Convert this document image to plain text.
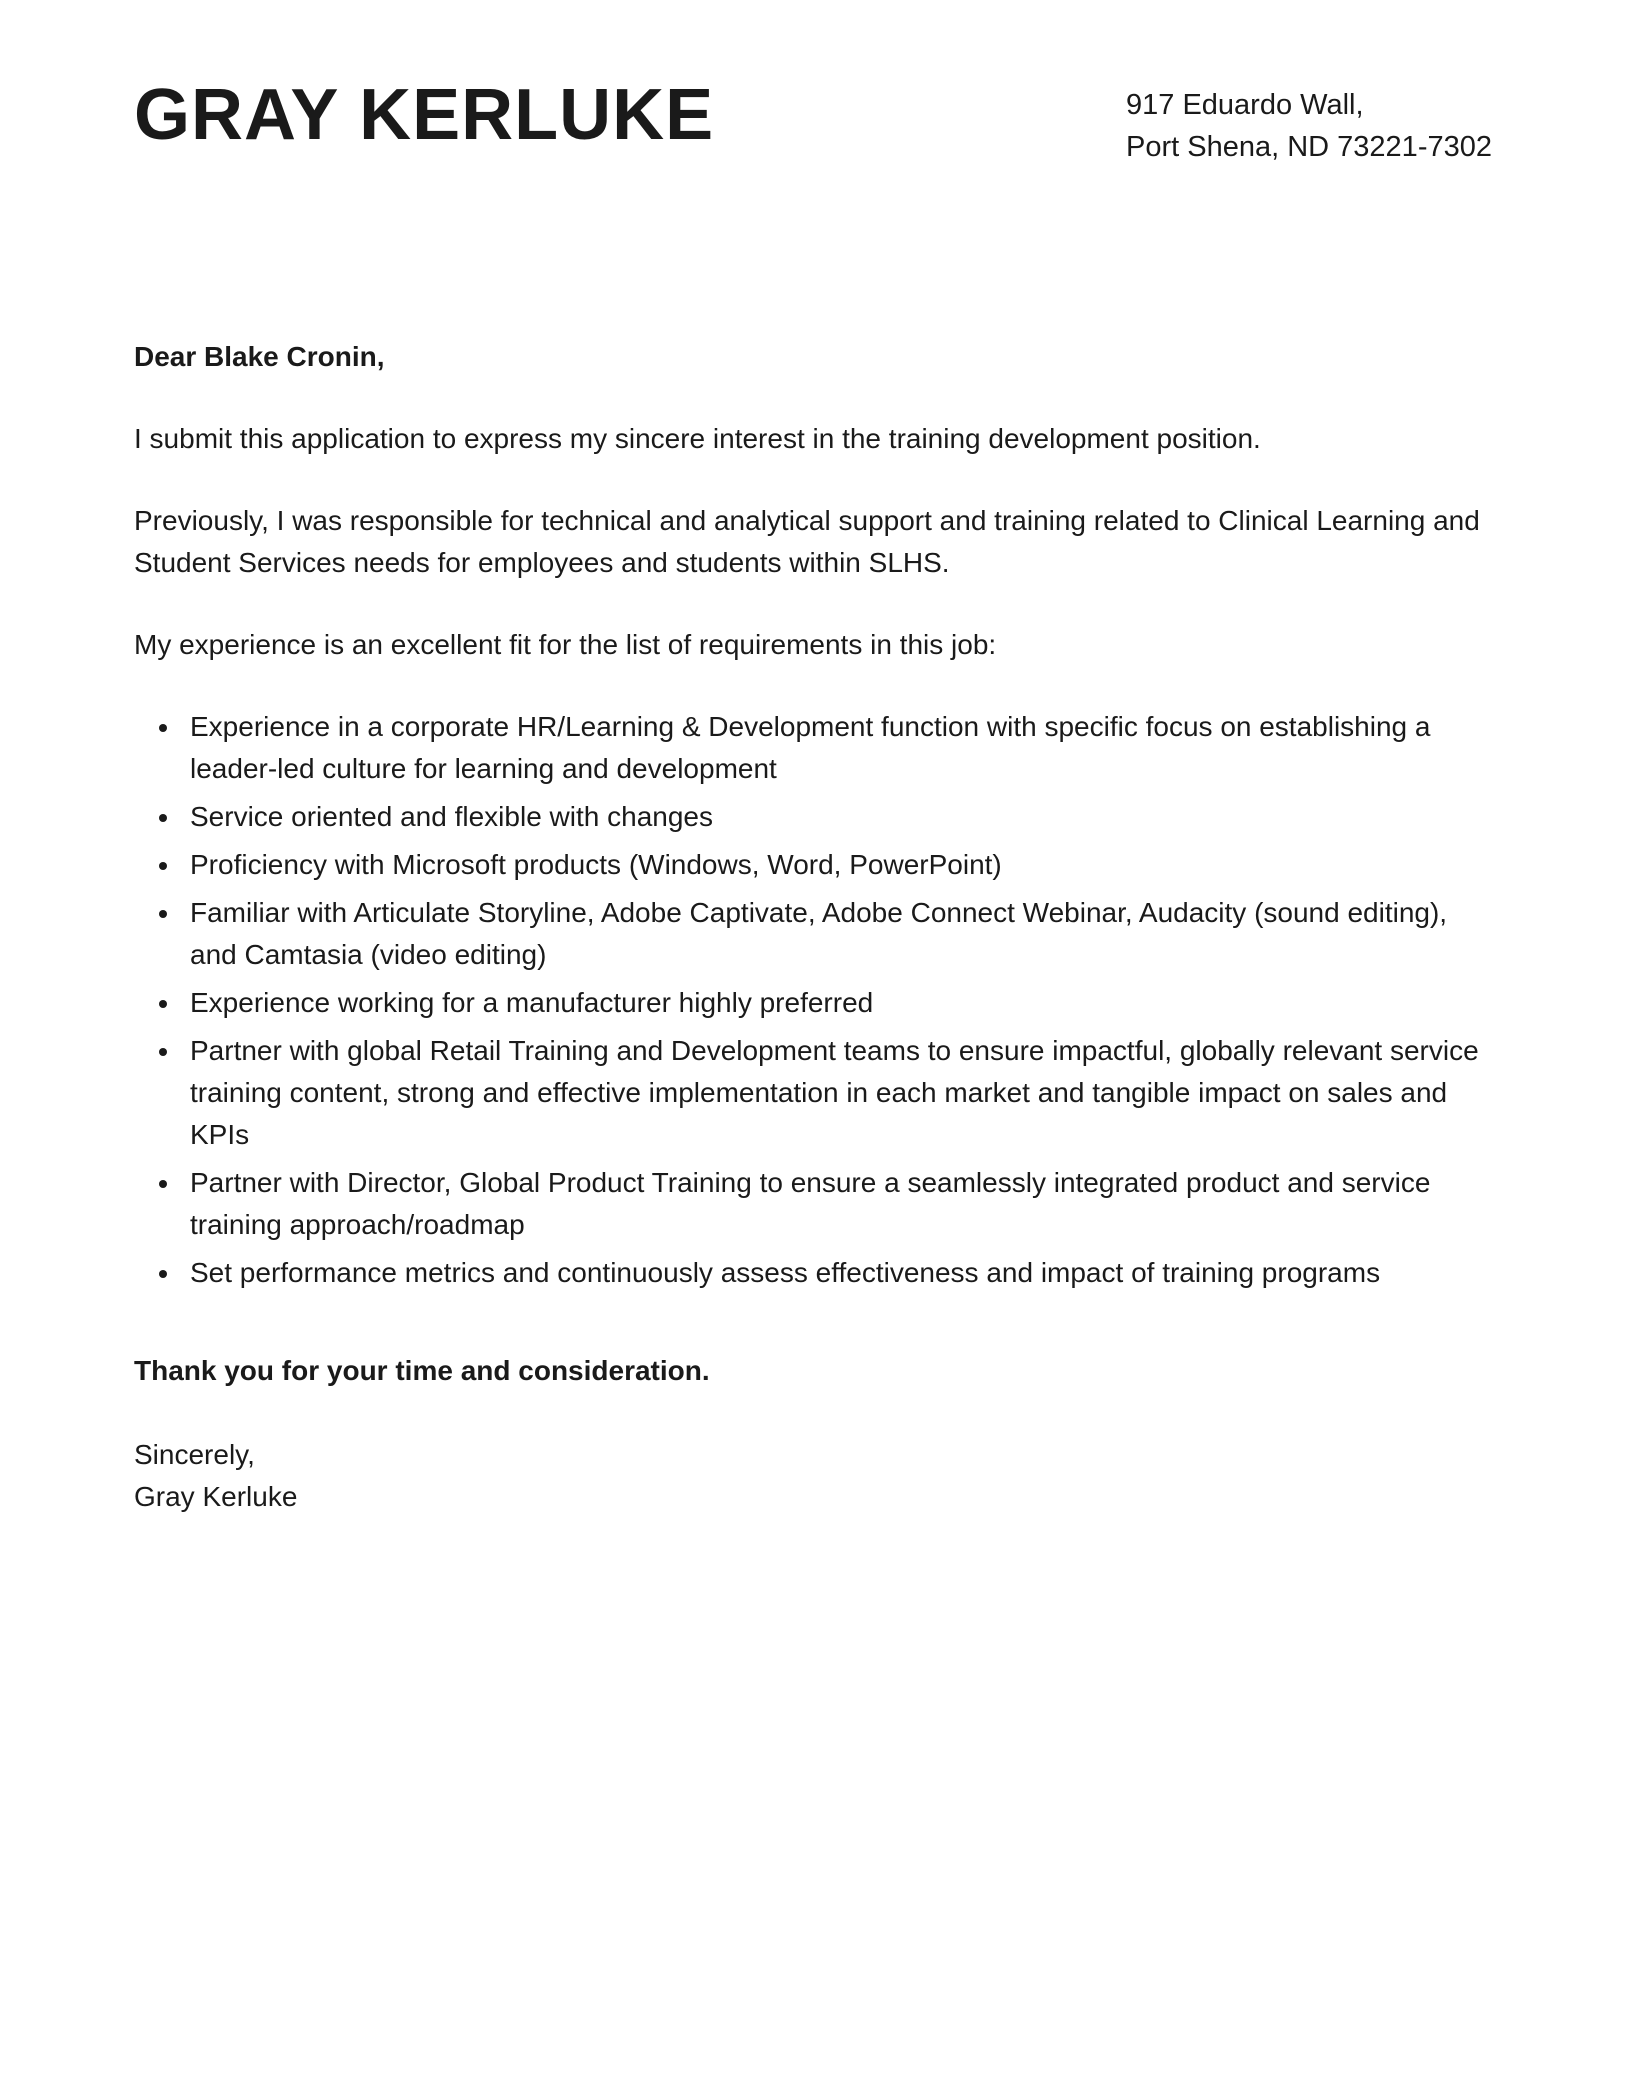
GRAY KERLUKE	917 Eduardo Wall,
Port Shena, ND 73221-7302

Dear Blake Cronin,

I submit this application to express my sincere interest in the training development position.

Previously, I was responsible for technical and analytical support and training related to Clinical Learning and Student Services needs for employees and students within SLHS.

My experience is an excellent fit for the list of requirements in this job:

• Experience in a corporate HR/Learning & Development function with specific focus on establishing a leader-led culture for learning and development
• Service oriented and flexible with changes
• Proficiency with Microsoft products (Windows, Word, PowerPoint)
• Familiar with Articulate Storyline, Adobe Captivate, Adobe Connect Webinar, Audacity (sound editing), and Camtasia (video editing)
• Experience working for a manufacturer highly preferred
• Partner with global Retail Training and Development teams to ensure impactful, globally relevant service training content, strong and effective implementation in each market and tangible impact on sales and KPIs
• Partner with Director, Global Product Training to ensure a seamlessly integrated product and service training approach/roadmap
• Set performance metrics and continuously assess effectiveness and impact of training programs

Thank you for your time and consideration.

Sincerely,

Gray Kerluke
